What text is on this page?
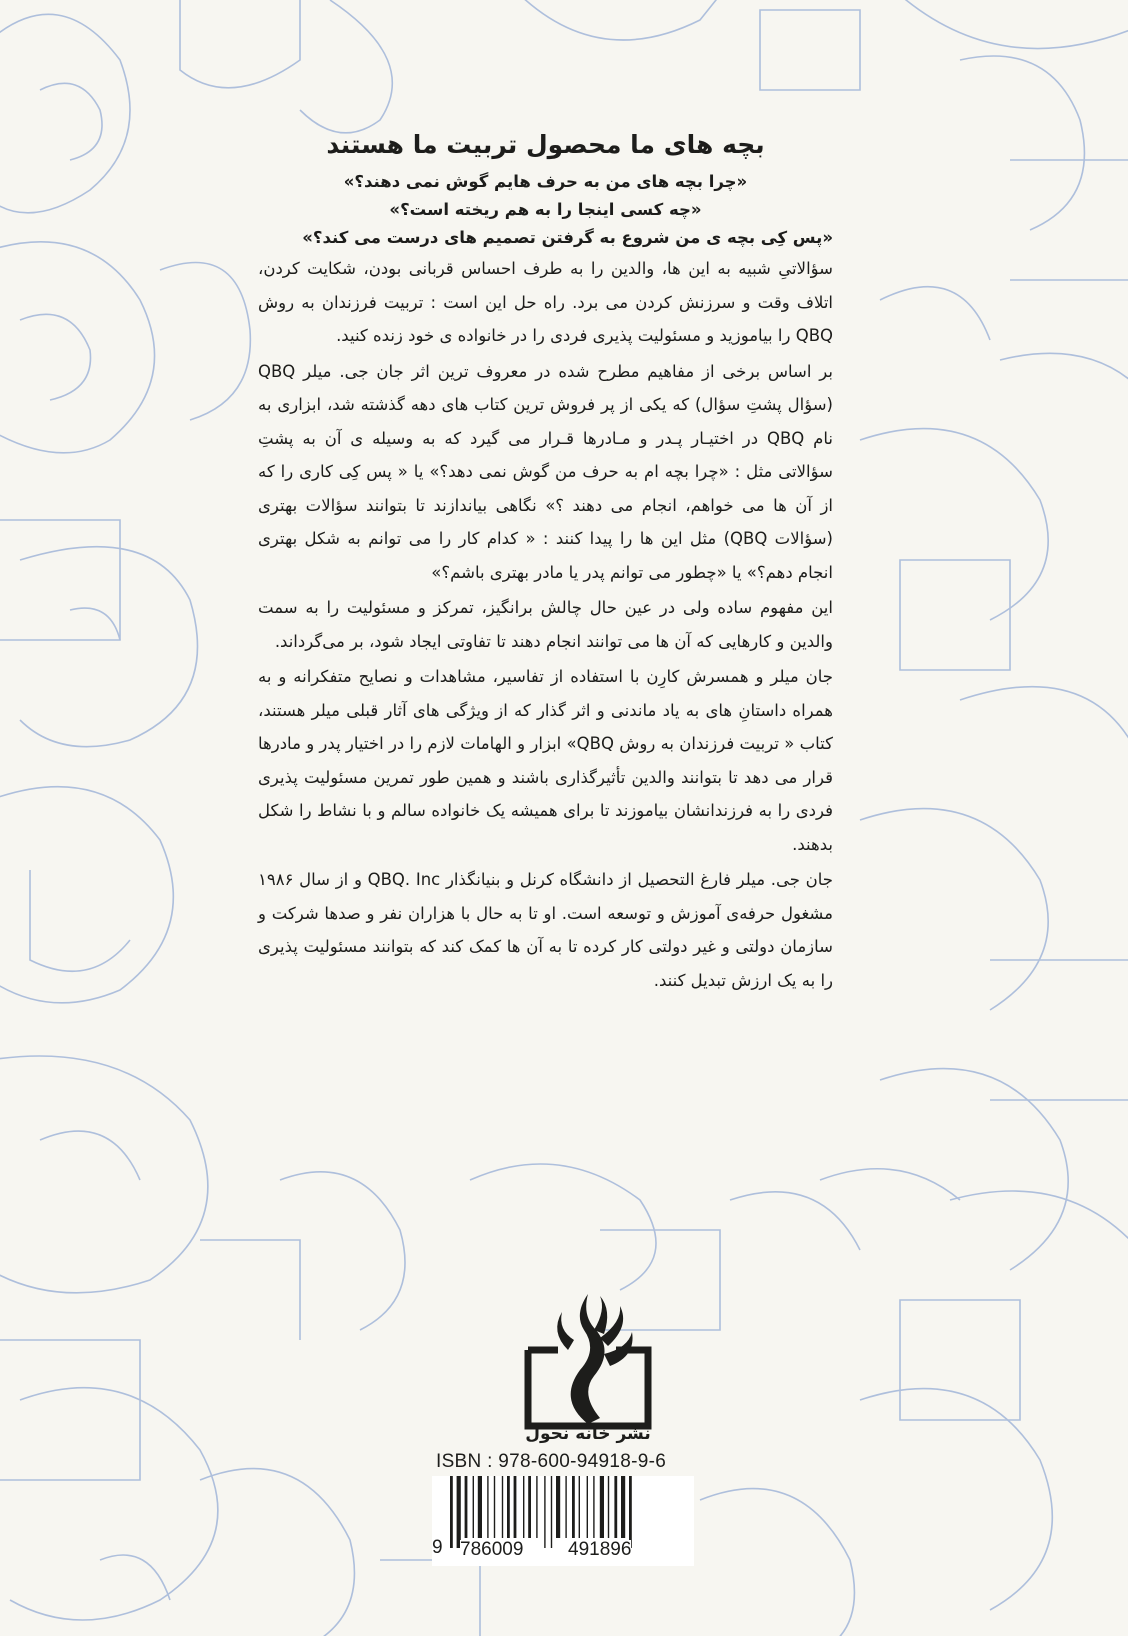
بچه های ما محصول تربیت ما هستند
«چرا بچه های من به حرف هایم گوش نمی دهند؟»
«چه کسی اینجا را به هم ریخته است؟»
«پس کِی بچه ی من شروع به گرفتن تصمیم های درست می کند؟»

سؤالاتیِ شبیه به این ها، والدین را به طرف احساس قربانی بودن، شکایت کردن، اتلاف وقت و سرزنش کردن می برد. راه حل این است : تربیت فرزندان به روش QBQ را بیاموزید و مسئولیت پذیری فردی را در خانواده ی خود زنده کنید.

بر اساس برخی از مفاهیم مطرح شده در معروف ترین اثر جان جی. میلر QBQ (سؤال پشتِ سؤال) که یکی از پر فروش ترین کتاب های دهه گذشته شد، ابزاری به نام QBQ در اختیـار پـدر و مـادرها قـرار می گیرد که به وسیله ی آن به پشتِ سؤالاتی مثل : «چرا بچه ام به حرف من گوش نمی دهد؟» یا « پس کِی کاری را که از آن ها می خواهم، انجام می دهند ؟» نگاهی بیاندازند تا بتوانند سؤالات بهتری (سؤالات QBQ) مثل این ها را پیدا کنند : « کدام کار را می توانم به شکل بهتری انجام دهم؟» یا «چطور می توانم پدر یا مادر بهتری باشم؟»

این مفهوم ساده ولی در عین حال چالش برانگیز، تمرکز و مسئولیت را به سمت والدین و کارهایی که آن ها می توانند انجام دهند تا تفاوتی ایجاد شود، بر می‌گرداند.

جان میلر و همسرش کارِن با استفاده از تفاسیر، مشاهدات و نصایح متفکرانه و به همراه داستانِ های به یاد ماندنی و اثر گذار که از ویژگی های آثار قبلی میلر هستند، کتاب « تربیت فرزندان به روش QBQ» ابزار و الهامات لازم را در اختیار پدر و مادرها قرار می دهد تا بتوانند والدین تأثیرگذاری باشند و همین طور تمرین مسئولیت پذیری فردی را به فرزندانشان بیاموزند تا برای همیشه یک خانواده سالم و با نشاط را شکل بدهند.

جان جی. میلر فارغ التحصیل از دانشگاه کرنل و بنیانگذار QBQ. Inc و از سال ۱۹۸۶ مشغول حرفه‌ی آموزش و توسعه است. او تا به حال با هزاران نفر و صدها شرکت و سازمان دولتی و غیر دولتی کار کرده تا به آن ها کمک کند که بتوانند مسئولیت پذیری را به یک ارزش تبدیل کنند.

نشر خانه نحول
ISBN : 978-600-94918-9-6
9 786009 491896
